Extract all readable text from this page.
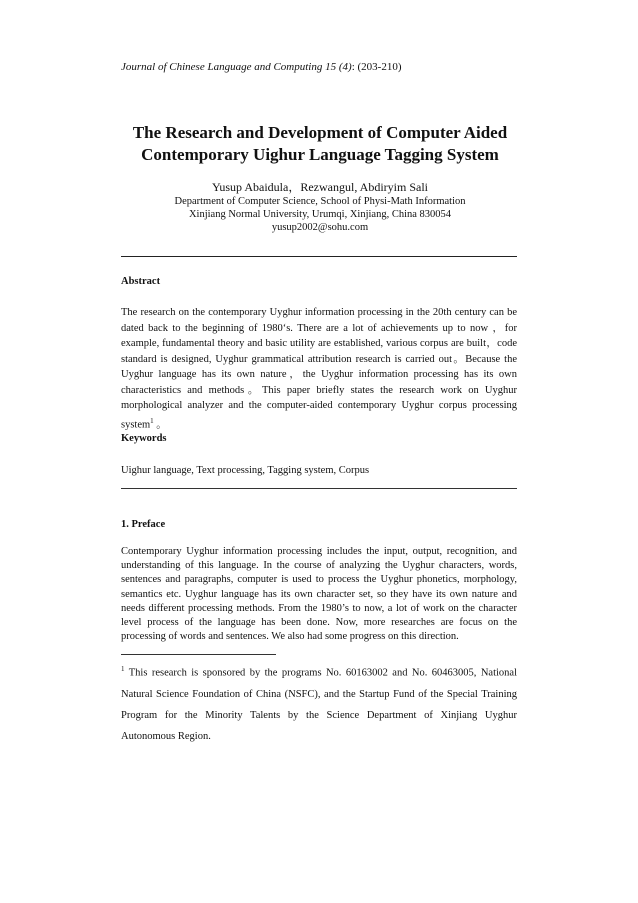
Journal of Chinese Language and Computing 15 (4): (203-210)
The Research and Development of Computer Aided
Contemporary Uighur Language Tagging System
Yusup Abaidula，Rezwangul, Abdiryim Sali
Department of Computer Science, School of Physi-Math Information
Xinjiang Normal University, Urumqi, Xinjiang, China 830054
yusup2002@sohu.com
Abstract
The research on the contemporary Uyghur information processing in the 20th century can be dated back to the beginning of 1980‘s. There are a lot of achievements up to now ，for example, fundamental theory and basic utility are established, various corpus are built，code standard is designed, Uyghur grammatical attribution research is carried out。Because the Uyghur language has its own nature，the Uyghur information processing has its own characteristics and methods。This paper briefly states the research work on Uyghur morphological analyzer and the computer-aided contemporary Uyghur corpus processing system$^1$ 。
Keywords
Uighur language, Text processing, Tagging system, Corpus
1. Preface
Contemporary Uyghur information processing includes the input, output, recognition, and understanding of this language. In the course of analyzing the Uyghur characters, words, sentences and paragraphs, computer is used to process the Uyghur phonetics, morphology, semantics etc. Uyghur language has its own character set, so they have its own nature and needs different processing methods. From the 1980’s to now, a lot of work on the character level process of the language has been done. Now, more researches are focus on the processing of words and sentences. We also had some progress on this direction.
$^1$ This research is sponsored by the programs No. 60163002 and No. 60463005, National Natural Science Foundation of China (NSFC), and the Startup Fund of the Special Training Program for the Minority Talents by the Science Department of Xinjiang Uyghur Autonomous Region.
